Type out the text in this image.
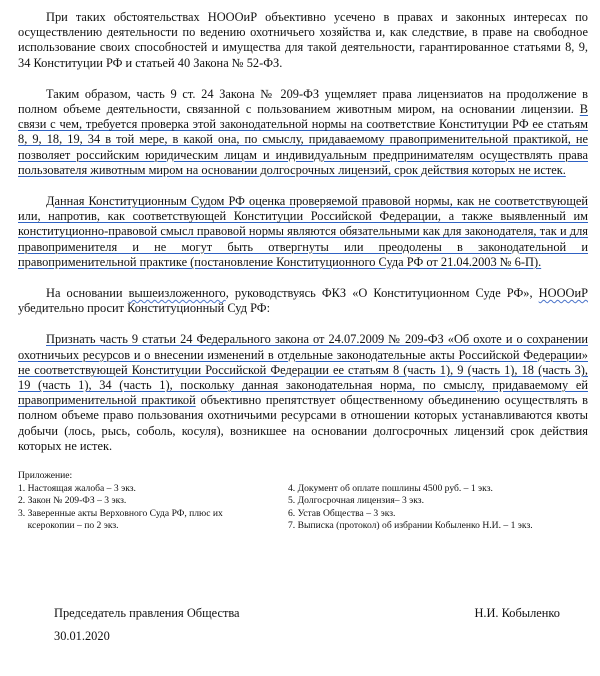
При таких обстоятельствах НОООиР объективно усечено в правах и законных интересах по осуществлению деятельности по ведению охотничьего хозяйства и, как следствие, в праве на свободное использование своих способностей и имущества для такой деятельности, гарантированное статьями 8, 9, 34 Конституции РФ и статьей 40 Закона № 52-ФЗ.

Таким образом, часть 9 ст. 24 Закона № 209-ФЗ ущемляет права лицензиатов на продолжение в полном объеме деятельности, связанной с пользованием животным миром, на основании лицензии. В связи с чем, требуется проверка этой законодательной нормы на соответствие Конституции РФ ее статьям 8, 9, 18, 19, 34 в той мере, в какой она, по смыслу, придаваемому правоприменительной практикой, не позволяет российским юридическим лицам и индивидуальным предпринимателям осуществлять права пользователя животным миром на основании долгосрочных лицензий, срок действия которых не истек.

Данная Конституционным Судом РФ оценка проверяемой правовой нормы, как не соответствующей или, напротив, как соответствующей Конституции Российской Федерации, а также выявленный им конституционно-правовой смысл правовой нормы являются обязательными как для законодателя, так и для правоприменителя и не могут быть отвергнуты или преодолены в законодательной и правоприменительной практике (постановление Конституционного Суда РФ от 21.04.2003 № 6-П).

На основании вышеизложенного, руководствуясь ФКЗ «О Конституционном Суде РФ», НОООиР убедительно просит Конституционный Суд РФ:

Признать часть 9 статьи 24 Федерального закона от 24.07.2009 № 209-ФЗ «Об охоте и о сохранении охотничьих ресурсов и о внесении изменений в отдельные законодательные акты Российской Федерации» не соответствующей Конституции Российской Федерации ее статьям 8 (часть 1), 9 (часть 1), 18 (часть 3), 19 (часть 1), 34 (часть 1), поскольку данная законодательная норма, по смыслу, придаваемому ей правоприменительной практикой объективно препятствует общественному объединению осуществлять в полном объеме право пользования охотничьими ресурсами в отношении которых устанавливаются квоты добычи (лось, рысь, соболь, косуля), возникшее на основании долгосрочных лицензий срок действия которых не истек.

Приложение:

1. Настоящая жалоба – 3 экз.
2. Закон № 209-ФЗ – 3 экз.
3. Заверенные акты Верховного Суда РФ, плюс их
ксерокопии – по 2 экз.

4. Документ об оплате пошлины 4500 руб. – 1 экз.
5. Долгосрочная лицензия– 3 экз.
6. Устав Общества – 3 экз.
7. Выписка (протокол) об избрании Кобыленко Н.И. – 1 экз.
Председатель правления Общества	Н.И. Кобыленко
30.01.2020
